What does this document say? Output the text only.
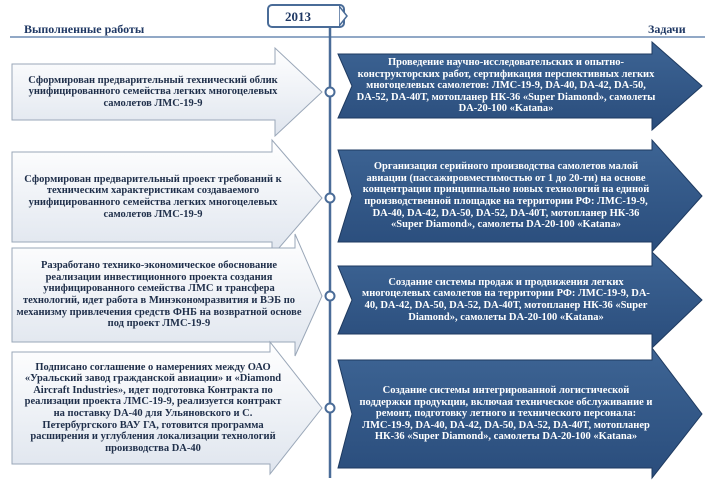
Выполненные работы
2013
Задачи
Сформирован предварительный технический облик унифицированного семейства легких многоцелевых самолетов ЛМС-19-9
Сформирован предварительный проект требований к техническим характеристикам создаваемого унифицированного семейства легких многоцелевых самолетов ЛМС-19-9
Разработано технико-экономическое обоснование реализации инвестиционного проекта создания унифицированного семейства ЛМС и трансфера технологий, идет работа в Минэкономразвития и ВЭБ по механизму привлечения средств ФНБ на возвратной основе под проект ЛМС-19-9
Подписано соглашение о намерениях между ОАО «Уральский завод гражданской авиации» и «Diamond Aircraft Industries», идет подготовка Контракта по реализации проекта ЛМС-19-9, реализуется контракт на поставку DA-40 для Ульяновского и С. Петербургского ВАУ ГА, готовится программа расширения и углубления локализации технологий производства DA-40
Проведение научно-исследовательских и опытно-конструкторских работ, сертификация перспективных легких многоцелевых самолетов: ЛМС-19-9, DA-40, DA-42, DA-50, DA-52, DA-40T, мотопланер НК-36 «Super Diamond», самолеты DA-20-100 «Katana»
Организация серийного производства самолетов малой авиации (пассажировместимостью от 1 до 20-ти) на основе концентрации принципиально новых технологий на единой производственной площадке на территории РФ: ЛМС-19-9, DA-40, DA-42, DA-50, DA-52, DA-40T, мотопланер НК-36 «Super Diamond», самолеты DA-20-100 «Katana»
Создание системы продаж и продвижения легких многоцелевых самолетов на территории РФ: ЛМС-19-9, DA-40, DA-42, DA-50, DA-52, DA-40T, мотопланер НК-36 «Super Diamond», самолеты DA-20-100 «Katana»
Создание системы интегрированной логистической поддержки продукции, включая техническое обслуживание и ремонт, подготовку летного и технического персонала: ЛМС-19-9, DA-40, DA-42, DA-50, DA-52, DA-40T, мотопланер НК-36 «Super Diamond», самолеты DA-20-100 «Katana»
